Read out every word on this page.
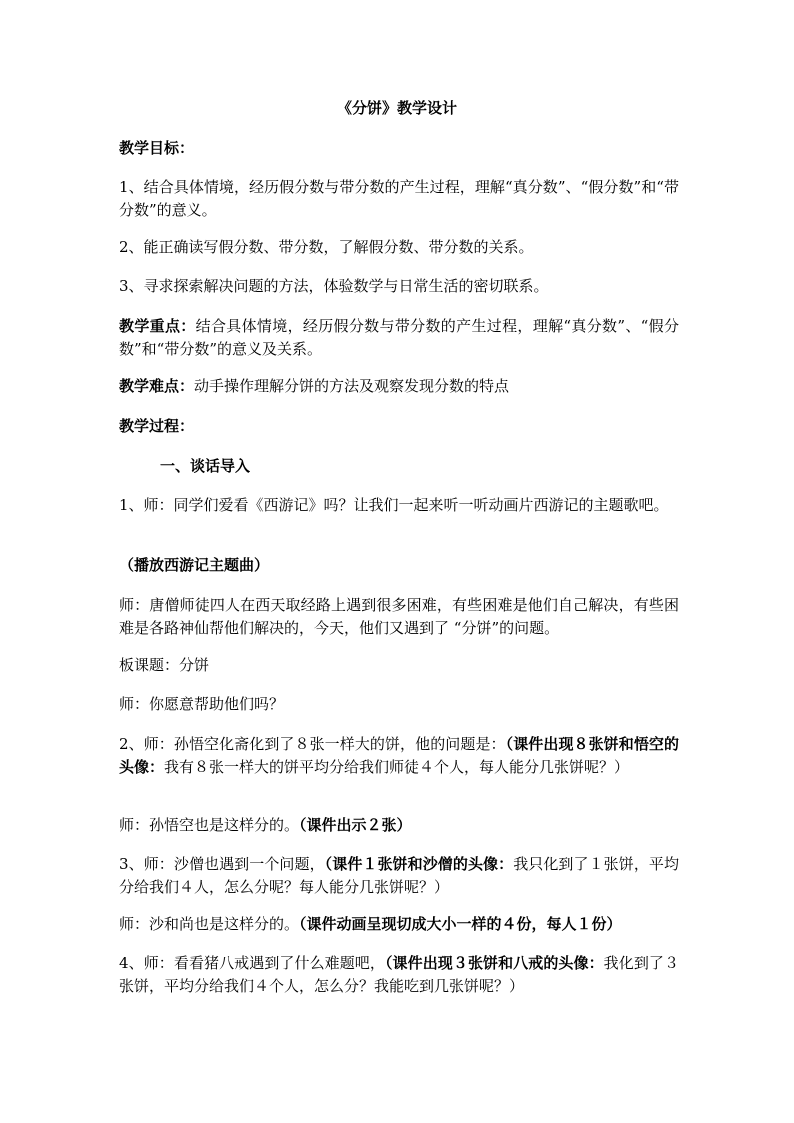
《分饼》教学设计

教学目标：

1、结合具体情境，经历假分数与带分数的产生过程，理解“真分数”、“假分数”和“带分数”的意义。

2、能正确读写假分数、带分数，了解假分数、带分数的关系。

3、寻求探索解决问题的方法，体验数学与日常生活的密切联系。

教学重点：结合具体情境，经历假分数与带分数的产生过程，理解“真分数”、“假分数”和“带分数”的意义及关系。

教学难点：动手操作理解分饼的方法及观察发现分数的特点

教学过程：

一、谈话导入

1、师：同学们爱看《西游记》吗？让我们一起来听一听动画片西游记的主题歌吧。

（播放西游记主题曲）

师：唐僧师徒四人在西天取经路上遇到很多困难，有些困难是他们自己解决，有些困难是各路神仙帮他们解决的，今天，他们又遇到了 “分饼”的问题。

板课题：分饼

师：你愿意帮助他们吗？

2、师：孙悟空化斋化到了８张一样大的饼，他的问题是：（课件出现８张饼和悟空的头像：我有８张一样大的饼平均分给我们师徒４个人，每人能分几张饼呢？）

师：孙悟空也是这样分的。（课件出示２张）

3、师：沙僧也遇到一个问题，（课件１张饼和沙僧的头像：我只化到了１张饼，平均分给我们４人，怎么分呢？每人能分几张饼呢？）

师：沙和尚也是这样分的。（课件动画呈现切成大小一样的４份，每人１份）

4、师：看看猪八戒遇到了什么难题吧，（课件出现３张饼和八戒的头像：我化到了３张饼，平均分给我们４个人，怎么分？我能吃到几张饼呢？）
